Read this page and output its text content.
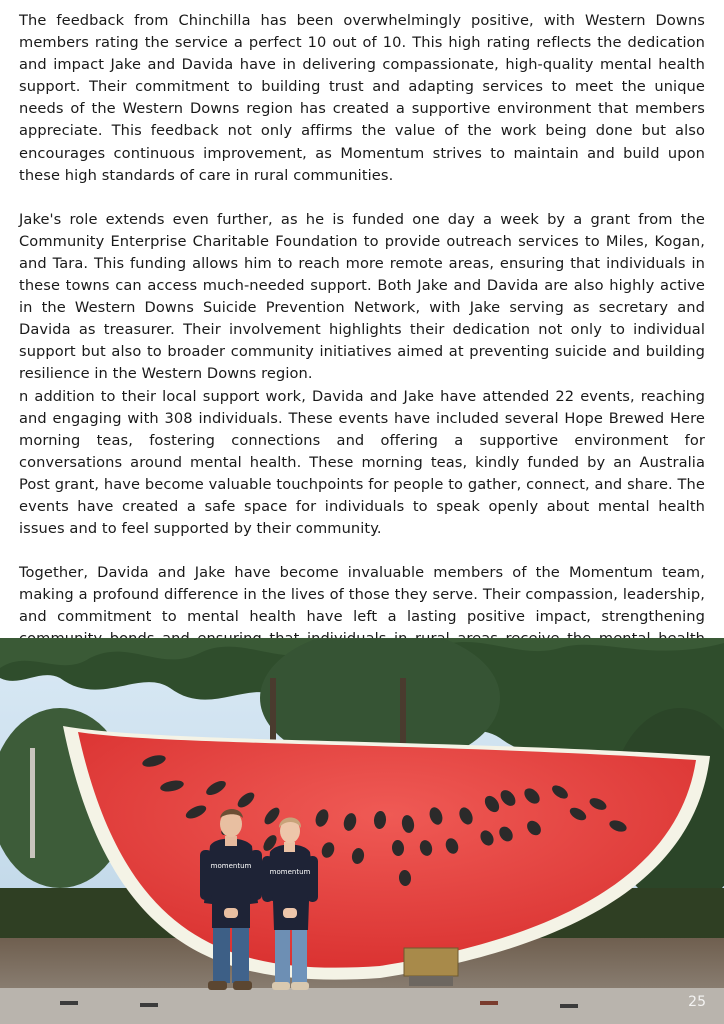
The feedback from Chinchilla has been overwhelmingly positive, with Western Downs members rating the service a perfect 10 out of 10. This high rating reflects the dedication and impact Jake and Davida have in delivering compassionate, high-quality mental health support. Their commitment to building trust and adapting services to meet the unique needs of the Western Downs region has created a supportive environment that members appreciate. This feedback not only affirms the value of the work being done but also encourages continuous improvement, as Momentum strives to maintain and build upon these high standards of care in rural communities.

Jake's role extends even further, as he is funded one day a week by a grant from the Community Enterprise Charitable Foundation to provide outreach services to Miles, Kogan, and Tara. This funding allows him to reach more remote areas, ensuring that individuals in these towns can access much-needed support. Both Jake and Davida are also highly active in the Western Downs Suicide Prevention Network, with Jake serving as secretary and Davida as treasurer. Their involvement highlights their dedication not only to individual support but also to broader community initiatives aimed at preventing suicide and building resilience in the Western Downs region.

n addition to their local support work, Davida and Jake have attended 22 events, reaching and engaging with 308 individuals. These events have included several Hope Brewed Here morning teas, fostering connections and offering a supportive environment for conversations around mental health. These morning teas, kindly funded by an Australia Post grant, have become valuable touchpoints for people to gather, connect, and share. The events have created a safe space for individuals to speak openly about mental health issues and to feel supported by their community.

Together, Davida and Jake have become invaluable members of the Momentum team, making a profound difference in the lives of those they serve. Their compassion, leadership, and commitment to mental health have left a lasting positive impact, strengthening

momentum
momentum
25
